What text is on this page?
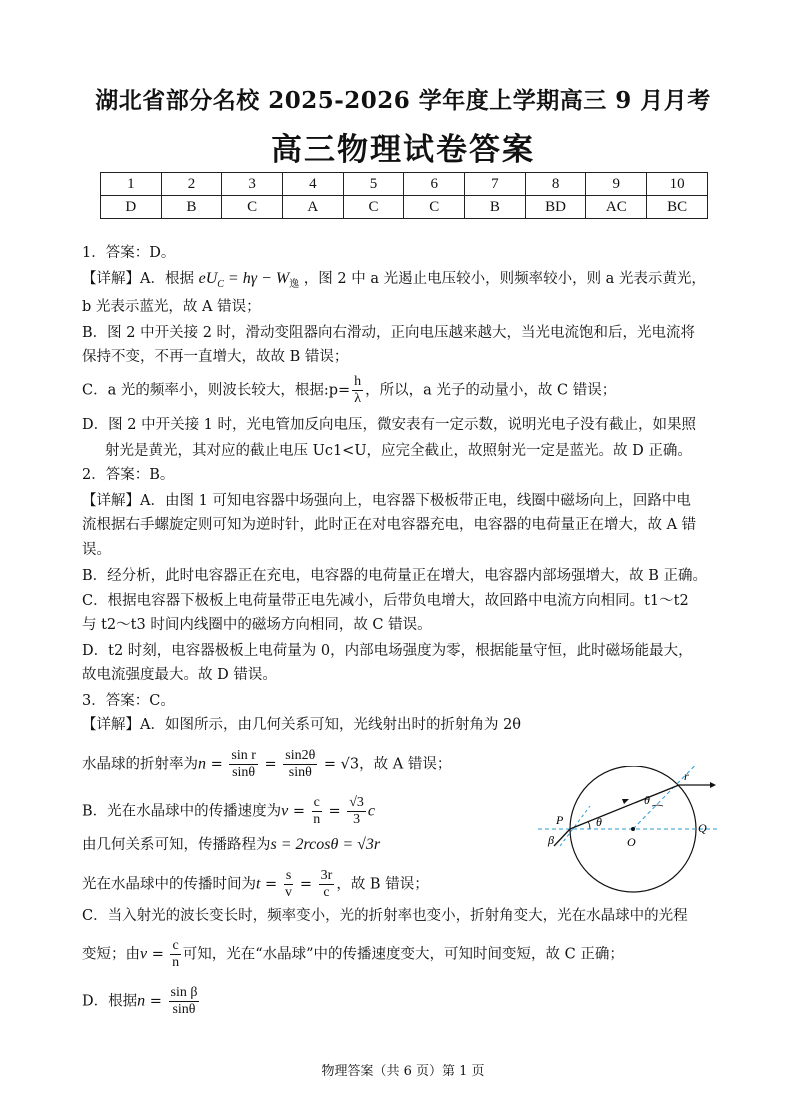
湖北省部分名校 2025-2026 学年度上学期高三 9 月月考
高三物理试卷答案
1	2	3	4	5	6	7	8	9	10
D	B	C	A	C	C	B	BD	AC	BC
1．答案：D。
【详解】A．根据 $eU_C = h\gamma - W_逸$ ，图 2 中 a 光遏止电压较小，则频率较小，则 a 光表示黄光，
b 光表示蓝光，故 A 错误；
B．图 2 中开关接 2 时，滑动变阻器向右滑动，正向电压越来越大，当光电流饱和后，光电流将
保持不变，不再一直增大，故故 B 错误；
C．a 光的频率小，则波长较大，根据:p= $\frac{h}{\lambda}$ ，所以，a 光子的动量小，故 C 错误；
D．图 2 中开关接 1 时，光电管加反向电压，微安表有一定示数，说明光电子没有截止，如果照
射光是黄光，其对应的截止电压 Uc1<U，应完全截止，故照射光一定是蓝光。故 D 正确。
2．答案：B。
【详解】A．由图 1 可知电容器中场强向上，电容器下极板带正电，线圈中磁场向上，回路中电
流根据右手螺旋定则可知为逆时针，此时正在对电容器充电，电容器的电荷量正在增大，故 A 错
误。
B．经分析，此时电容器正在充电，电容器的电荷量正在增大，电容器内部场强增大，故 B 正确。
C．根据电容器下极板上电荷量带正电先减小，后带负电增大，故回路中电流方向相同。t1～t2
与 t2～t3 时间内线圈中的磁场方向相同，故 C 错误。
D．t2 时刻，电容器极板上电荷量为 0，内部电场强度为零，根据能量守恒，此时磁场能最大，
故电流强度最大。故 D 错误。
3．答案：C。
【详解】A．如图所示，由几何关系可知，光线射出时的折射角为 2θ
水晶球的折射率为$n = \frac{\text{sin r}}{\sin\theta} = \frac{\sin 2\theta}{\sin\theta} = √3$，故 A 错误；
B．光在水晶球中的传播速度为$v = \frac{c}{n} = \frac{√3}{3}$ c
由几何关系可知，传播路程为s = 2rcosθ = √3r
光在水晶球中的传播时间为$t = \frac{s}{v} = \frac{3r}{c}$ ，故 B 错误；
C．当入射光的波长变长时，频率变小，光的折射率也变小，折射角变大，光在水晶球中的光程
变短；由$v = \frac{c}{n}$ 可知，光在“水晶球”中的传播速度变大，可知时间变短，故 C 正确；
D．根据$n = \frac{\text{sin β}}{\sin\theta}$
P
O
Q
θ
θ
β
r
物理答案（共 6 页）第 1 页
